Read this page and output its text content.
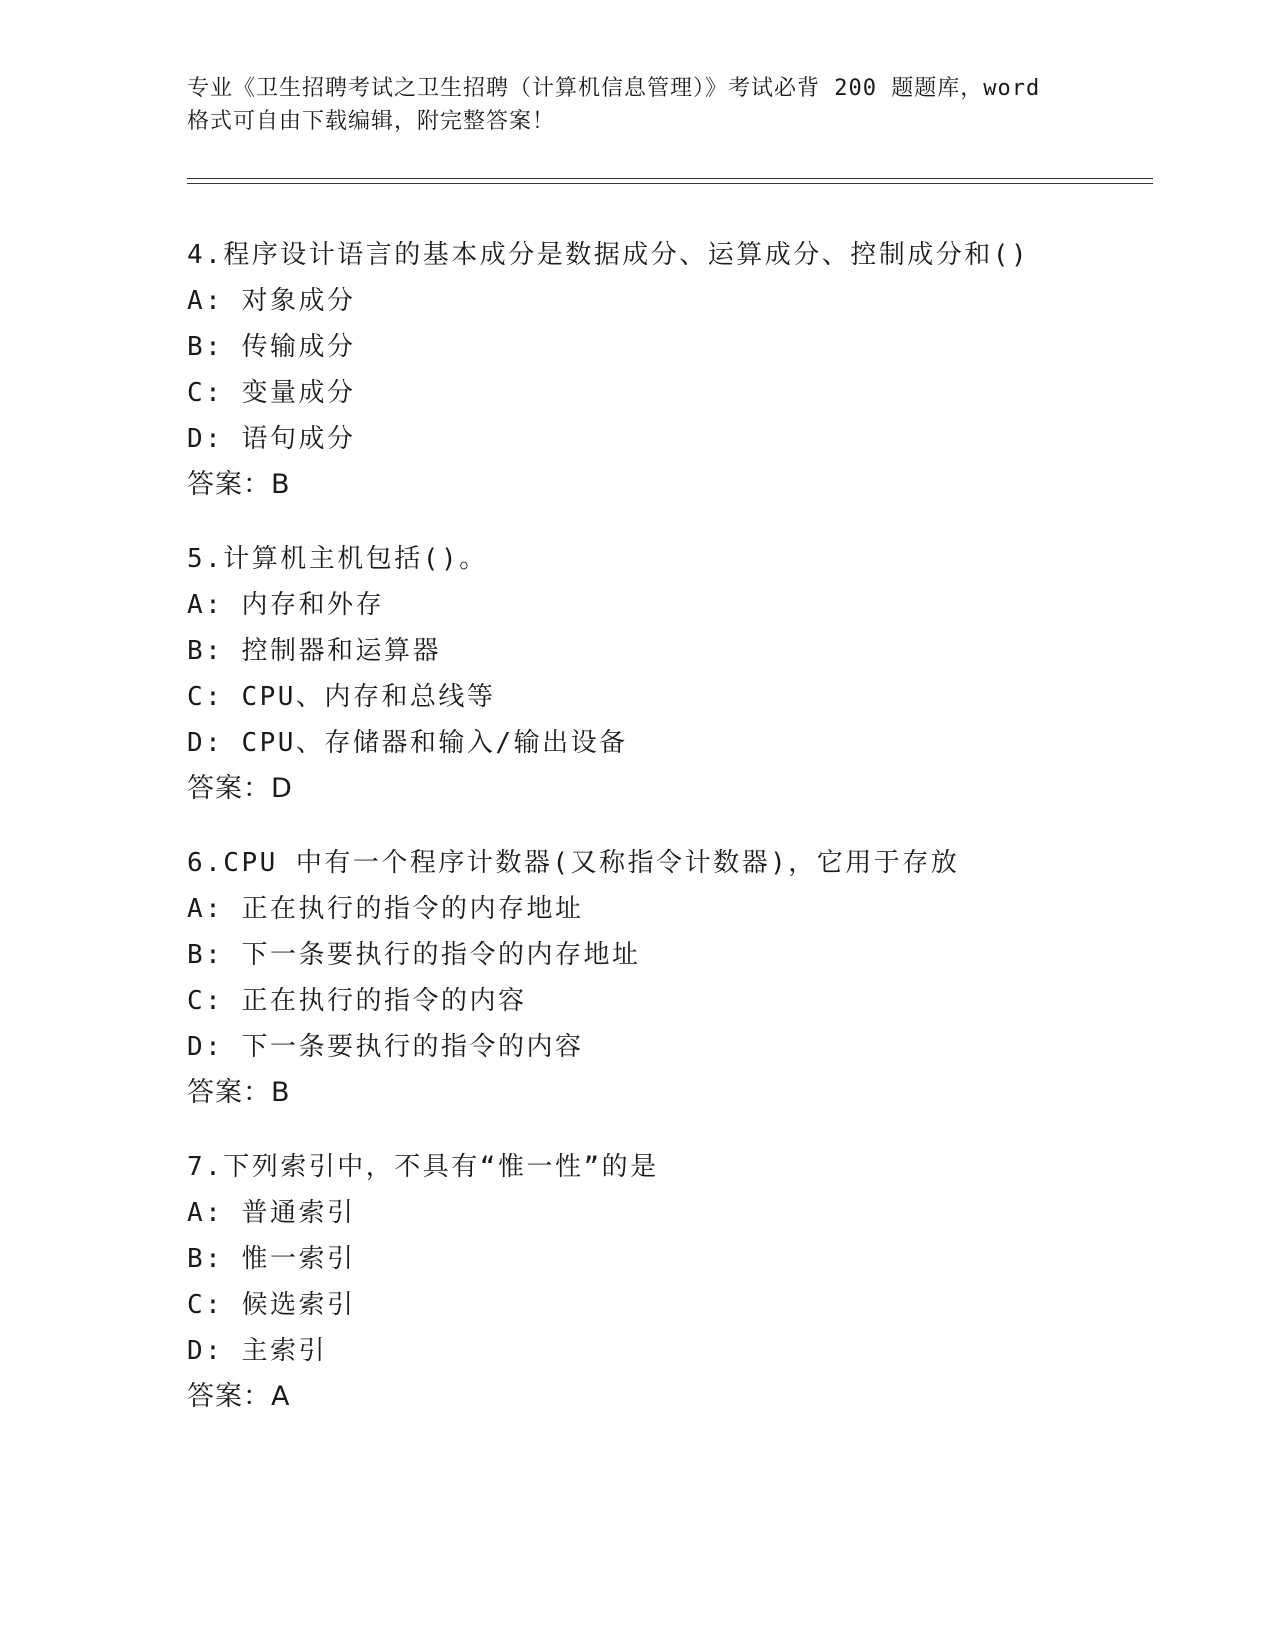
专业《卫生招聘考试之卫生招聘（计算机信息管理）》考试必背 200 题题库，word
格式可自由下载编辑，附完整答案！
4.程序设计语言的基本成分是数据成分、运算成分、控制成分和()
A: 对象成分
B: 传输成分
C: 变量成分
D: 语句成分
答案：B
5.计算机主机包括()。
A: 内存和外存
B: 控制器和运算器
C: CPU、内存和总线等
D: CPU、存储器和输入/输出设备
答案：D
6.CPU 中有一个程序计数器(又称指令计数器)，它用于存放
A: 正在执行的指令的内存地址
B: 下一条要执行的指令的内存地址
C: 正在执行的指令的内容
D: 下一条要执行的指令的内容
答案：B
7.下列索引中，不具有“惟一性”的是
A: 普通索引
B: 惟一索引
C: 候选索引
D: 主索引
答案：A
